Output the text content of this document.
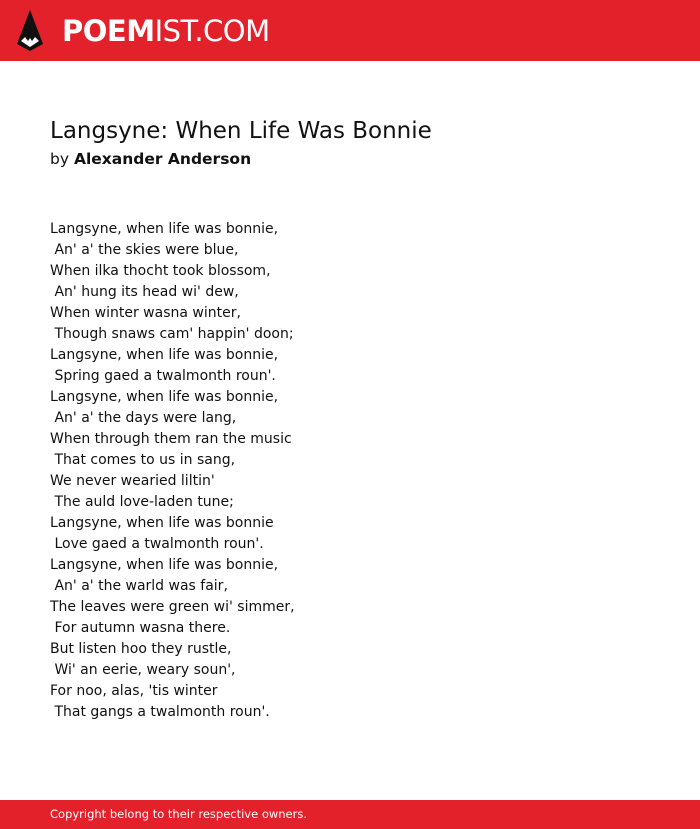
POEMIST.COM
Langsyne: When Life Was Bonnie
by Alexander Anderson
Langsyne, when life was bonnie,
An' a' the skies were blue,
When ilka thocht took blossom,
An' hung its head wi' dew,
When winter wasna winter,
Though snaws cam' happin' doon;
Langsyne, when life was bonnie,
Spring gaed a twalmonth roun'.
Langsyne, when life was bonnie,
An' a' the days were lang,
When through them ran the music
That comes to us in sang,
We never wearied liltin'
The auld love-laden tune;
Langsyne, when life was bonnie
Love gaed a twalmonth roun'.
Langsyne, when life was bonnie,
An' a' the warld was fair,
The leaves were green wi' simmer,
For autumn wasna there.
But listen hoo they rustle,
Wi' an eerie, weary soun',
For noo, alas, 'tis winter
That gangs a twalmonth roun'.
Copyright belong to their respective owners.
